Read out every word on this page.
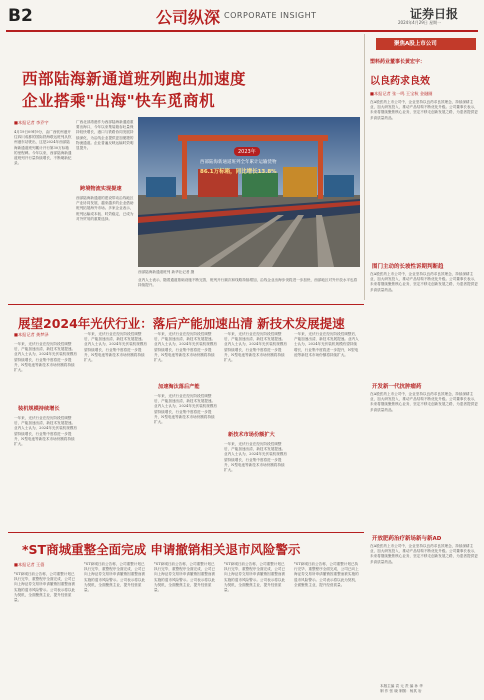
B2	公司纵深 CORPORATE INSIGHT	证券日报
2024年4月29日 星期一
西部陆海新通道班列跑出加速度
企业搭乘"出海"快车觅商机
■本报记者 李乔宇
4月19日09时9分，由广西钦州港开往四川成都的国际铁海联运班列从钦州港东站驶出，这是2024年西部陆海新通道班列累计开行第30万标箱的里程碑。今年以来，西部陆海新通道班列开行量持续增长，不断刷新纪录。
广西北部湾港作为西部陆海新通道重要出海口，今年以来集装箱吞吐量保持较快增长，港口与铁路协同发展持续深化，为沿线企业提供更加便捷的物流通道。企业普遍反映运输时效明显提升。
跨境物流实现提速
西部陆海新通道的建设带动沿线地区产业协同发展，越来越多的企业借助班列拓展海外市场。多家企业表示，班列运输成本低、时效稳定，已成为对外贸易的重要选择。
2023年
西部陆海新通道班列全年累计运输货物
86.1万标箱，同比增长13.8%
西部陆海新通道班列 新华社记者 摄
业内人士表示，随着通道基础设施不断完善，班列开行频次和线路持续增加，沿线企业出海步伐将进一步加快，西部地区对外开放水平也将持续提升。
聚焦A股上市公司
塑料药业董事长黄宏宇：
以良药求良效
■本报记者 张一鸣 王宝秋 金融圈
在A股医药上市公司中，企业坚持以良药求良效理念，持续深耕主业，加大研发投入，推动产品结构不断优化升级。公司董事长表示，未来将继续聚焦核心业务，坚定不移走创新发展之路，为患者提供更多高质量药品。
围门主动的长坡性诉期判断趋
在A股医药上市公司中，企业坚持以良药求良效理念，持续深耕主业，加大研发投入，推动产品结构不断优化升级。公司董事长表示，未来将继续聚焦核心业务，坚定不移走创新发展之路，为患者提供更多高质量药品。
开发新一代抗肿瘤药
在A股医药上市公司中，企业坚持以良药求良效理念，持续深耕主业，加大研发投入，推动产品结构不断优化升级。公司董事长表示，未来将继续聚焦核心业务，坚定不移走创新发展之路，为患者提供更多高质量药品。
开放肥药治疗新场新与新AD
在A股医药上市公司中，企业坚持以良药求良效理念，持续深耕主业，加大研发投入，推动产品结构不断优化升级。公司董事长表示，未来将继续聚焦核心业务，坚定不移走创新发展之路，为患者提供更多高质量药品。
本版主编 袁 元 责 编 孙 华
制 作 张 晓 制图：杨其 岩
展望2024年光伏行业：落后产能加速出清 新技术发展提速
■本报记者 龚梦泽
一年来，光伏行业在经历阶段性调整后，产能加速出清，新技术发展提速。业内人士认为，2024年光伏装机规模有望持续增长，行业集中度将进一步提升，N型电池等新技术市场份额将持续扩大。
装机规模持续增长
一年来，光伏行业在经历阶段性调整后，产能加速出清，新技术发展提速。业内人士认为，2024年光伏装机规模有望持续增长，行业集中度将进一步提升，N型电池等新技术市场份额将持续扩大。
一年来，光伏行业在经历阶段性调整后，产能加速出清，新技术发展提速。业内人士认为，2024年光伏装机规模有望持续增长，行业集中度将进一步提升，N型电池等新技术市场份额将持续扩大。
一年来，光伏行业在经历阶段性调整后，产能加速出清，新技术发展提速。业内人士认为，2024年光伏装机规模有望持续增长，行业集中度将进一步提升，N型电池等新技术市场份额将持续扩大。
加速淘汰落后产能
一年来，光伏行业在经历阶段性调整后，产能加速出清，新技术发展提速。业内人士认为，2024年光伏装机规模有望持续增长，行业集中度将进一步提升，N型电池等新技术市场份额将持续扩大。
一年来，光伏行业在经历阶段性调整后，产能加速出清，新技术发展提速。业内人士认为，2024年光伏装机规模有望持续增长，行业集中度将进一步提升，N型电池等新技术市场份额将持续扩大。
新技术市场份额扩大
一年来，光伏行业在经历阶段性调整后，产能加速出清，新技术发展提速。业内人士认为，2024年光伏装机规模有望持续增长，行业集中度将进一步提升，N型电池等新技术市场份额将持续扩大。
一年来，光伏行业在经历阶段性调整后，产能加速出清，新技术发展提速。业内人士认为，2024年光伏装机规模有望持续增长，行业集中度将进一步提升，N型电池等新技术市场份额将持续扩大。
*ST商城重整全面完成 申请撤销相关退市风险警示
■本报记者 王僖
*ST商城日前公告称，公司重整计划已执行完毕，重整程序全面完成，公司已向上海证券交易所申请撤销因重整而被实施的退市风险警示。公司表示将以此为契机，全面聚焦主业，提升经营质量。
*ST商城日前公告称，公司重整计划已执行完毕，重整程序全面完成，公司已向上海证券交易所申请撤销因重整而被实施的退市风险警示。公司表示将以此为契机，全面聚焦主业，提升经营质量。
*ST商城日前公告称，公司重整计划已执行完毕，重整程序全面完成，公司已向上海证券交易所申请撤销因重整而被实施的退市风险警示。公司表示将以此为契机，全面聚焦主业，提升经营质量。
*ST商城日前公告称，公司重整计划已执行完毕，重整程序全面完成，公司已向上海证券交易所申请撤销因重整而被实施的退市风险警示。公司表示将以此为契机，全面聚焦主业，提升经营质量。
*ST商城日前公告称，公司重整计划已执行完毕，重整程序全面完成，公司已向上海证券交易所申请撤销因重整而被实施的退市风险警示。公司表示将以此为契机，全面聚焦主业，提升经营质量。
